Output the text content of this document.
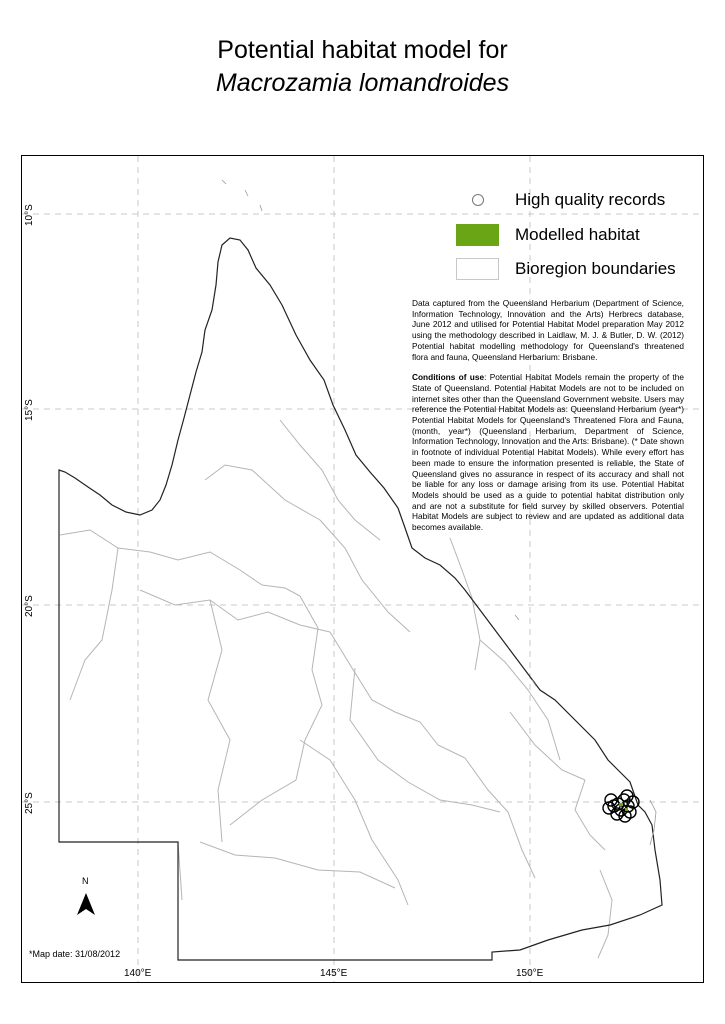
Potential habitat model for
Macrozamia lomandroides
10°S
15°S
20°S
25°S
140°E	145°E	150°E
High quality records
Modelled habitat
Bioregion boundaries

Data captured from the Queensland Herbarium (Department of Science, Information Technology, Innovation and the Arts) Herbrecs database, June 2012 and utilised for Potential Habitat Model preparation May 2012 using the methodology described in Laidlaw, M. J. & Butler, D. W. (2012) Potential habitat modelling methodology for Queensland's threatened flora and fauna, Queensland Herbarium: Brisbane.

Conditions of use: Potential Habitat Models remain the property of the State of Queensland. Potential Habitat Models are not to be included on internet sites other than the Queensland Government website. Users may reference the Potential Habitat Models as: Queensland Herbarium (year*) Potential Habitat Models for Queensland's Threatened Flora and Fauna, (month, year*) (Queensland Herbarium, Department of Science, Information Technology, Innovation and the Arts: Brisbane). (* Date shown in footnote of individual Potential Habitat Models). While every effort has been made to ensure the information presented is reliable, the State of Queensland gives no assurance in respect of its accuracy and shall not be liable for any loss or damage arising from its use. Potential Habitat Models should be used as a guide to potential habitat distribution only and are not a substitute for field survey by skilled observers. Potential Habitat Models are subject to review and are updated as additional data becomes available.

N
*Map date: 31/08/2012
